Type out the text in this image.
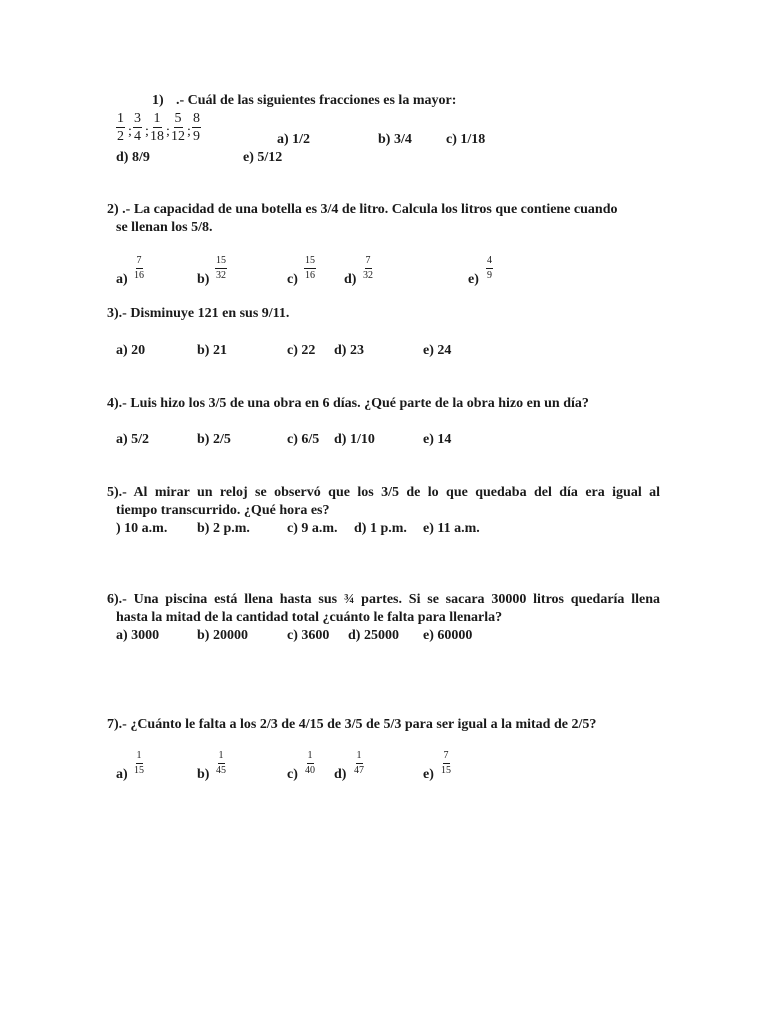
1) .- Cuál de las siguientes fracciones es la mayor:
$\frac{1}{2}$ ; $\frac{3}{4}$ ; $\frac{1}{18}$ ; $\frac{5}{12}$ ; $\frac{8}{9}$	a) 1/2	b) 3/4 c) 1/18
d) 8/9	e) 5/12
2) .- La capacidad de una botella es 3/4 de litro. Calcula los litros que contiene cuando
se llenan los 5/8.
$a) \frac{7}{16}$	$b) \frac{15}{32}$	$c) \frac{15}{16} d) \frac{7}{32}$	$e) \frac{4}{9}$
3).- Disminuye 121 en sus 9/11.
a) 20	b) 21	c) 22 d) 23	e) 24
4).- Luis hizo los 3/5 de una obra en 6 días. ¿Qué parte de la obra hizo en un día?
a) 5/2	b) 2/5	c) 6/5 d) 1/10	e) 14
5).- Al mirar un reloj se observó que los 3/5 de lo que quedaba del día era igual al
tiempo transcurrido. ¿Qué hora es?
) 10 a.m. b) 2 p.m.	c) 9 a.m. d) 1 p.m. e) 11 a.m.
6).- Una piscina está llena hasta sus ¾ partes. Si se sacara 30000 litros quedaría llena
hasta la mitad de la cantidad total ¿cuánto le falta para llenarla?
a) 3000	b) 20000	c) 3600 d) 25000 e) 60000
7).- ¿Cuánto le falta a los 2/3 de 4/15 de 3/5 de 5/3 para ser igual a la mitad de 2/5?
$a) \frac{1}{15}$	$b) \frac{1}{45}$	$c) \frac{1}{40} d) \frac{1}{47}$	$e) \frac{7}{15}$
